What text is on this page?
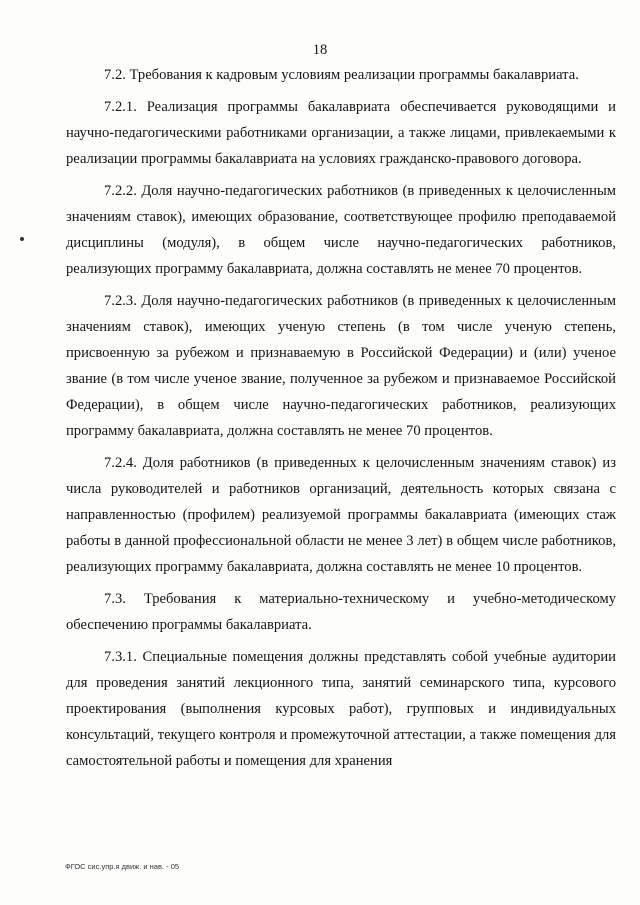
18

7.2. Требования к кадровым условиям реализации программы бакалавриата.

7.2.1. Реализация программы бакалавриата обеспечивается руководящими и научно-педагогическими работниками организации, а также лицами, привлекаемыми к реализации программы бакалавриата на условиях гражданско-правового договора.

7.2.2. Доля научно-педагогических работников (в приведенных к целочисленным значениям ставок), имеющих образование, соответствующее профилю преподаваемой дисциплины (модуля), в общем числе научно-педагогических работников, реализующих программу бакалавриата, должна составлять не менее 70 процентов.

7.2.3. Доля научно-педагогических работников (в приведенных к целочисленным значениям ставок), имеющих ученую степень (в том числе ученую степень, присвоенную за рубежом и признаваемую в Российской Федерации) и (или) ученое звание (в том числе ученое звание, полученное за рубежом и признаваемое Российской Федерации), в общем числе научно-педагогических работников, реализующих программу бакалавриата, должна составлять не менее 70 процентов.

7.2.4. Доля работников (в приведенных к целочисленным значениям ставок) из числа руководителей и работников организаций, деятельность которых связана с направленностью (профилем) реализуемой программы бакалавриата (имеющих стаж работы в данной профессиональной области не менее 3 лет) в общем числе работников, реализующих программу бакалавриата, должна составлять не менее 10 процентов.

7.3. Требования к материально-техническому и учебно-методическому обеспечению программы бакалавриата.

7.3.1. Специальные помещения должны представлять собой учебные аудитории для проведения занятий лекционного типа, занятий семинарского типа, курсового проектирования (выполнения курсовых работ), групповых и индивидуальных консультаций, текущего контроля и промежуточной аттестации, а также помещения для самостоятельной работы и помещения для хранения

ФГОС сис.упр.я движ. и нав. - 05
